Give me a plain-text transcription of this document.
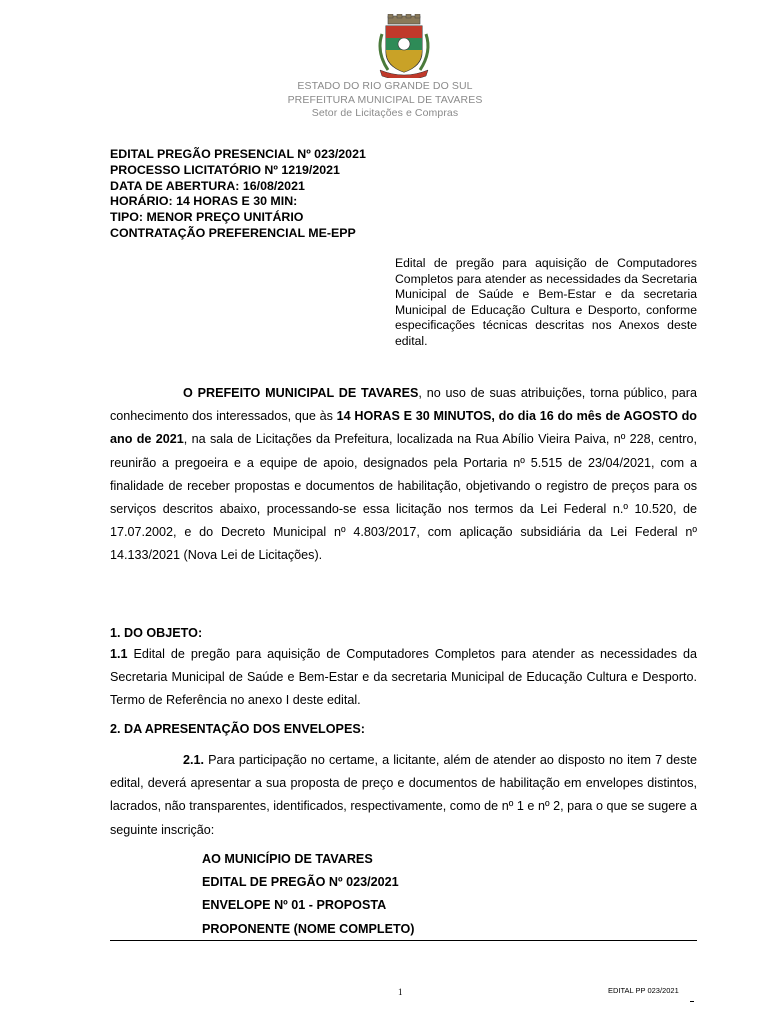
ESTADO DO RIO GRANDE DO SUL
PREFEITURA MUNICIPAL DE TAVARES
Setor de Licitações e Compras
EDITAL PREGÃO PRESENCIAL Nº 023/2021
PROCESSO LICITATÓRIO Nº 1219/2021
DATA DE ABERTURA: 16/08/2021
HORÁRIO: 14 HORAS E 30 MIN:
TIPO: MENOR PREÇO UNITÁRIO
CONTRATAÇÃO PREFERENCIAL ME-EPP
Edital de pregão para aquisição de Computadores Completos para atender as necessidades da Secretaria Municipal de Saúde e Bem-Estar e da secretaria Municipal de Educação Cultura e Desporto, conforme especificações técnicas descritas nos Anexos deste edital.
O PREFEITO MUNICIPAL DE TAVARES, no uso de suas atribuições, torna público, para conhecimento dos interessados, que às 14 HORAS E 30 MINUTOS, do dia 16 do mês de AGOSTO do ano de 2021, na sala de Licitações da Prefeitura, localizada na Rua Abílio Vieira Paiva, nº 228, centro, reunirão a pregoeira e a equipe de apoio, designados pela Portaria nº 5.515 de 23/04/2021, com a finalidade de receber propostas e documentos de habilitação, objetivando o registro de preços para os serviços descritos abaixo, processando-se essa licitação nos termos da Lei Federal n.º 10.520, de 17.07.2002, e do Decreto Municipal nº 4.803/2017, com aplicação subsidiária da Lei Federal nº 14.133/2021 (Nova Lei de Licitações).
1. DO OBJETO:
1.1 Edital de pregão para aquisição de Computadores Completos para atender as necessidades da Secretaria Municipal de Saúde e Bem-Estar e da secretaria Municipal de Educação Cultura e Desporto. Termo de Referência no anexo I deste edital.
2. DA APRESENTAÇÃO DOS ENVELOPES:
2.1. Para participação no certame, a licitante, além de atender ao disposto no item 7 deste edital, deverá apresentar a sua proposta de preço e documentos de habilitação em envelopes distintos, lacrados, não transparentes, identificados, respectivamente, como de nº 1 e nº 2, para o que se sugere a seguinte inscrição:
AO MUNICÍPIO DE TAVARES
EDITAL DE PREGÃO Nº 023/2021
ENVELOPE Nº 01 - PROPOSTA
PROPONENTE (NOME COMPLETO)
1	EDITAL PP 023/2021
